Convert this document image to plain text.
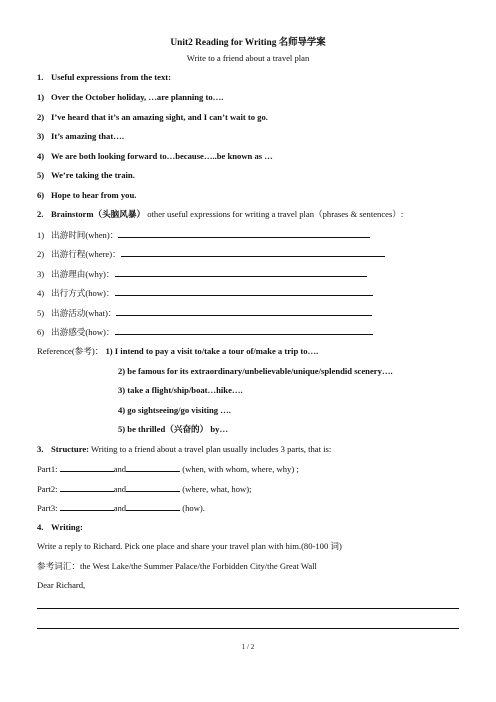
Unit2 Reading for Writing 名师导学案
Write to a friend about a travel plan
1. Useful expressions from the text:
1) Over the October holiday, …are planning to….
2) I’ve heard that it’s an amazing sight, and I can’t wait to go.
3) It’s amazing that….
4) We are both looking forward to…because…..be known as …
5) We’re taking the train.
6) Hope to hear from you.
2. Brainstorm（头脑风暴） other useful expressions for writing a travel plan（phrases & sentences）:
1) 出游时间(when)：
2) 出游行程(where)：
3) 出游理由(why)：
4) 出行方式(how)：
5) 出游活动(what)：
6) 出游感受(how)：
Reference(参考)： 1) I intend to pay a visit to/take a tour of/make a trip to….
2) be famous for its extraordinary/unbelievable/unique/splendid scenery….
3) take a flight/ship/boat…hike….
4) go sightseeing/go visiting ….
5) be thrilled（兴奋的） by…
3. Structure: Writing to a friend about a travel plan usually includes 3 parts, that is:
Part1:	and	(when, with whom, where, why) ;
Part2:	and	(where, what, how);
Part3:	and	(how).
4. Writing:
Write a reply to Richard. Pick one place and share your travel plan with him.(80-100 词)
参考词汇：the West Lake/the Summer Palace/the Forbidden City/the Great Wall
Dear Richard,
1 / 2
